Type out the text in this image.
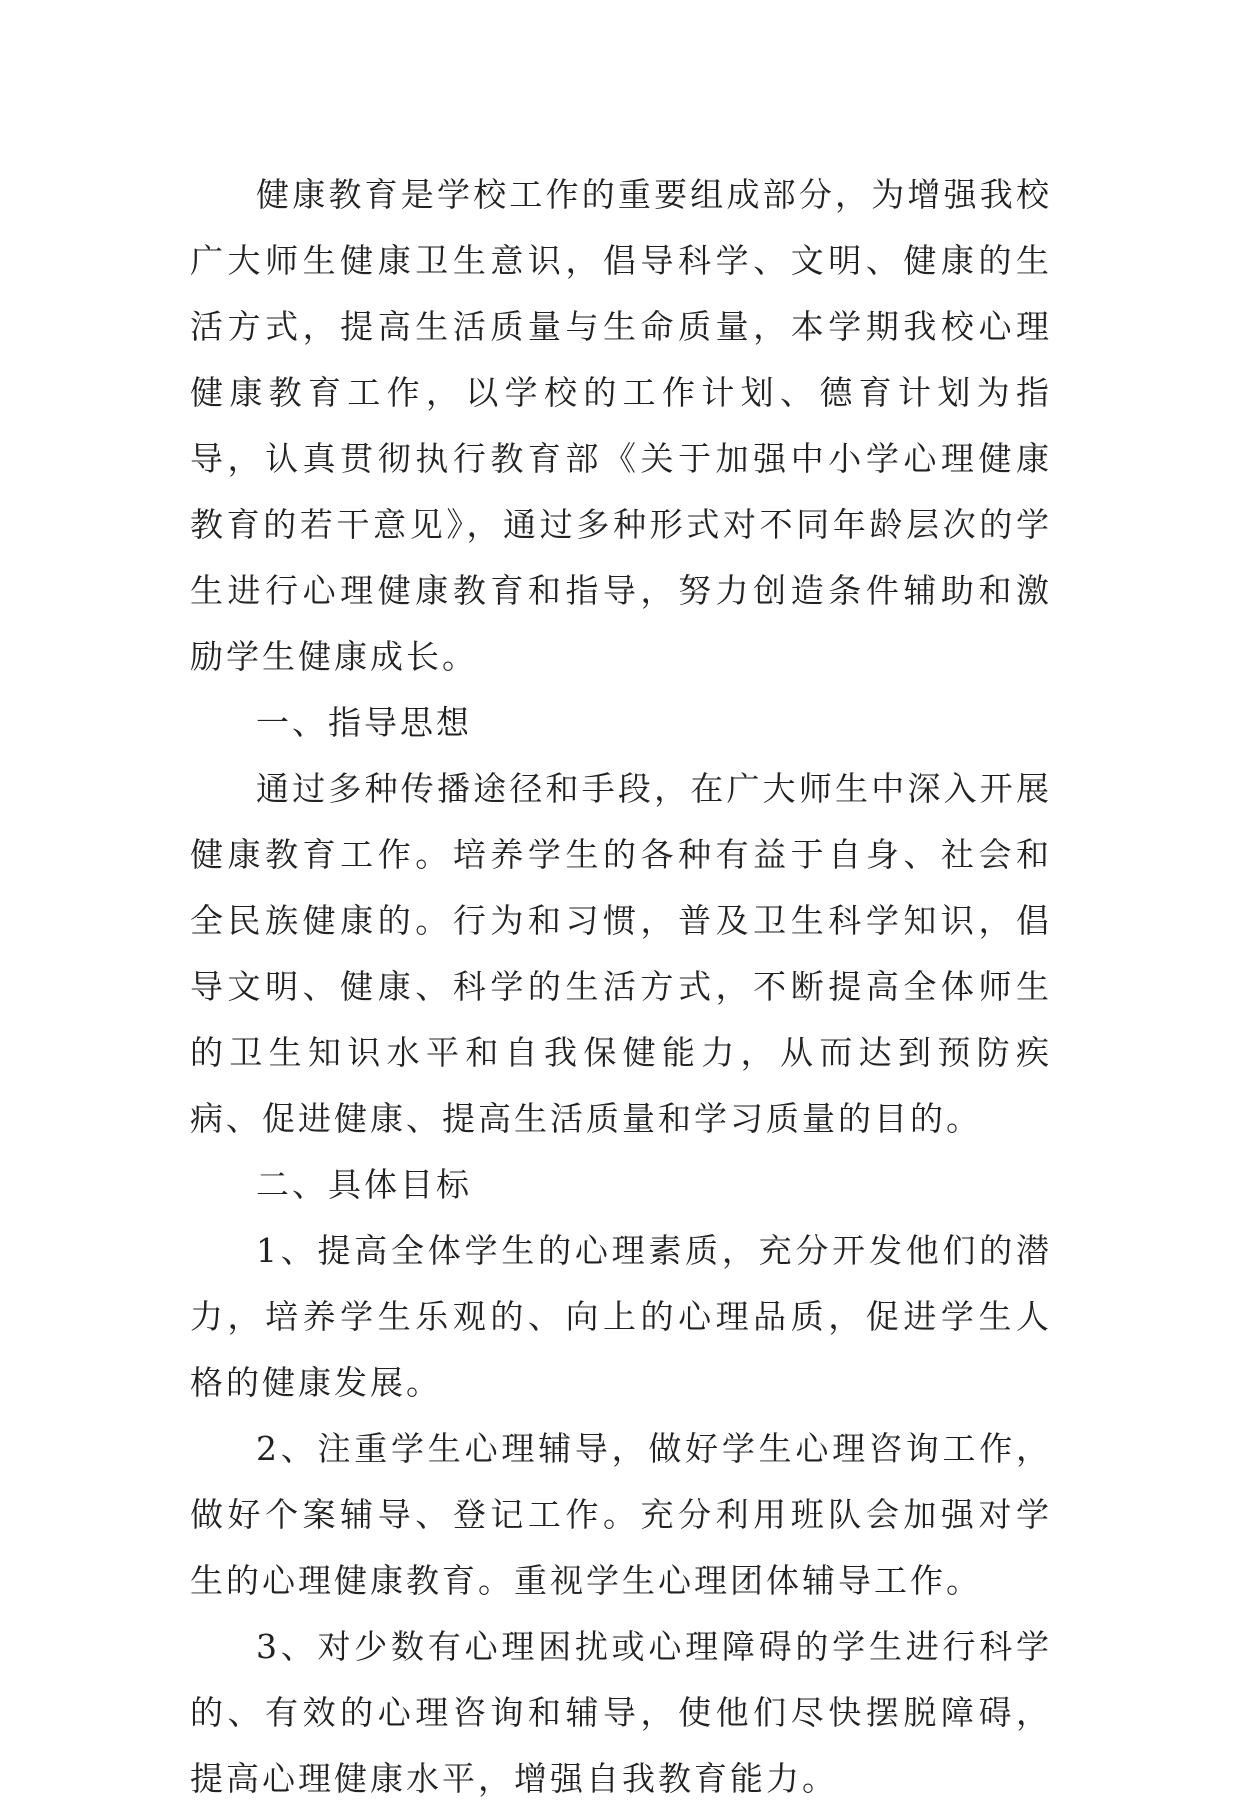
健康教育是学校工作的重要组成部分，为增强我校广大师生健康卫生意识，倡导科学、文明、健康的生活方式，提高生活质量与生命质量，本学期我校心理健康教育工作，以学校的工作计划、德育计划为指导，认真贯彻执行教育部《关于加强中小学心理健康教育的若干意见》，通过多种形式对不同年龄层次的学生进行心理健康教育和指导，努力创造条件辅助和激励学生健康成长。

一、指导思想

通过多种传播途径和手段，在广大师生中深入开展健康教育工作。培养学生的各种有益于自身、社会和全民族健康的。行为和习惯，普及卫生科学知识，倡导文明、健康、科学的生活方式，不断提高全体师生的卫生知识水平和自我保健能力，从而达到预防疾病、促进健康、提高生活质量和学习质量的目的。

二、具体目标

1、提高全体学生的心理素质，充分开发他们的潜力，培养学生乐观的、向上的心理品质，促进学生人格的健康发展。

2、注重学生心理辅导，做好学生心理咨询工作，做好个案辅导、登记工作。充分利用班队会加强对学生的心理健康教育。重视学生心理团体辅导工作。

3、对少数有心理困扰或心理障碍的学生进行科学的、有效的心理咨询和辅导，使他们尽快摆脱障碍，提高心理健康水平，增强自我教育能力。
